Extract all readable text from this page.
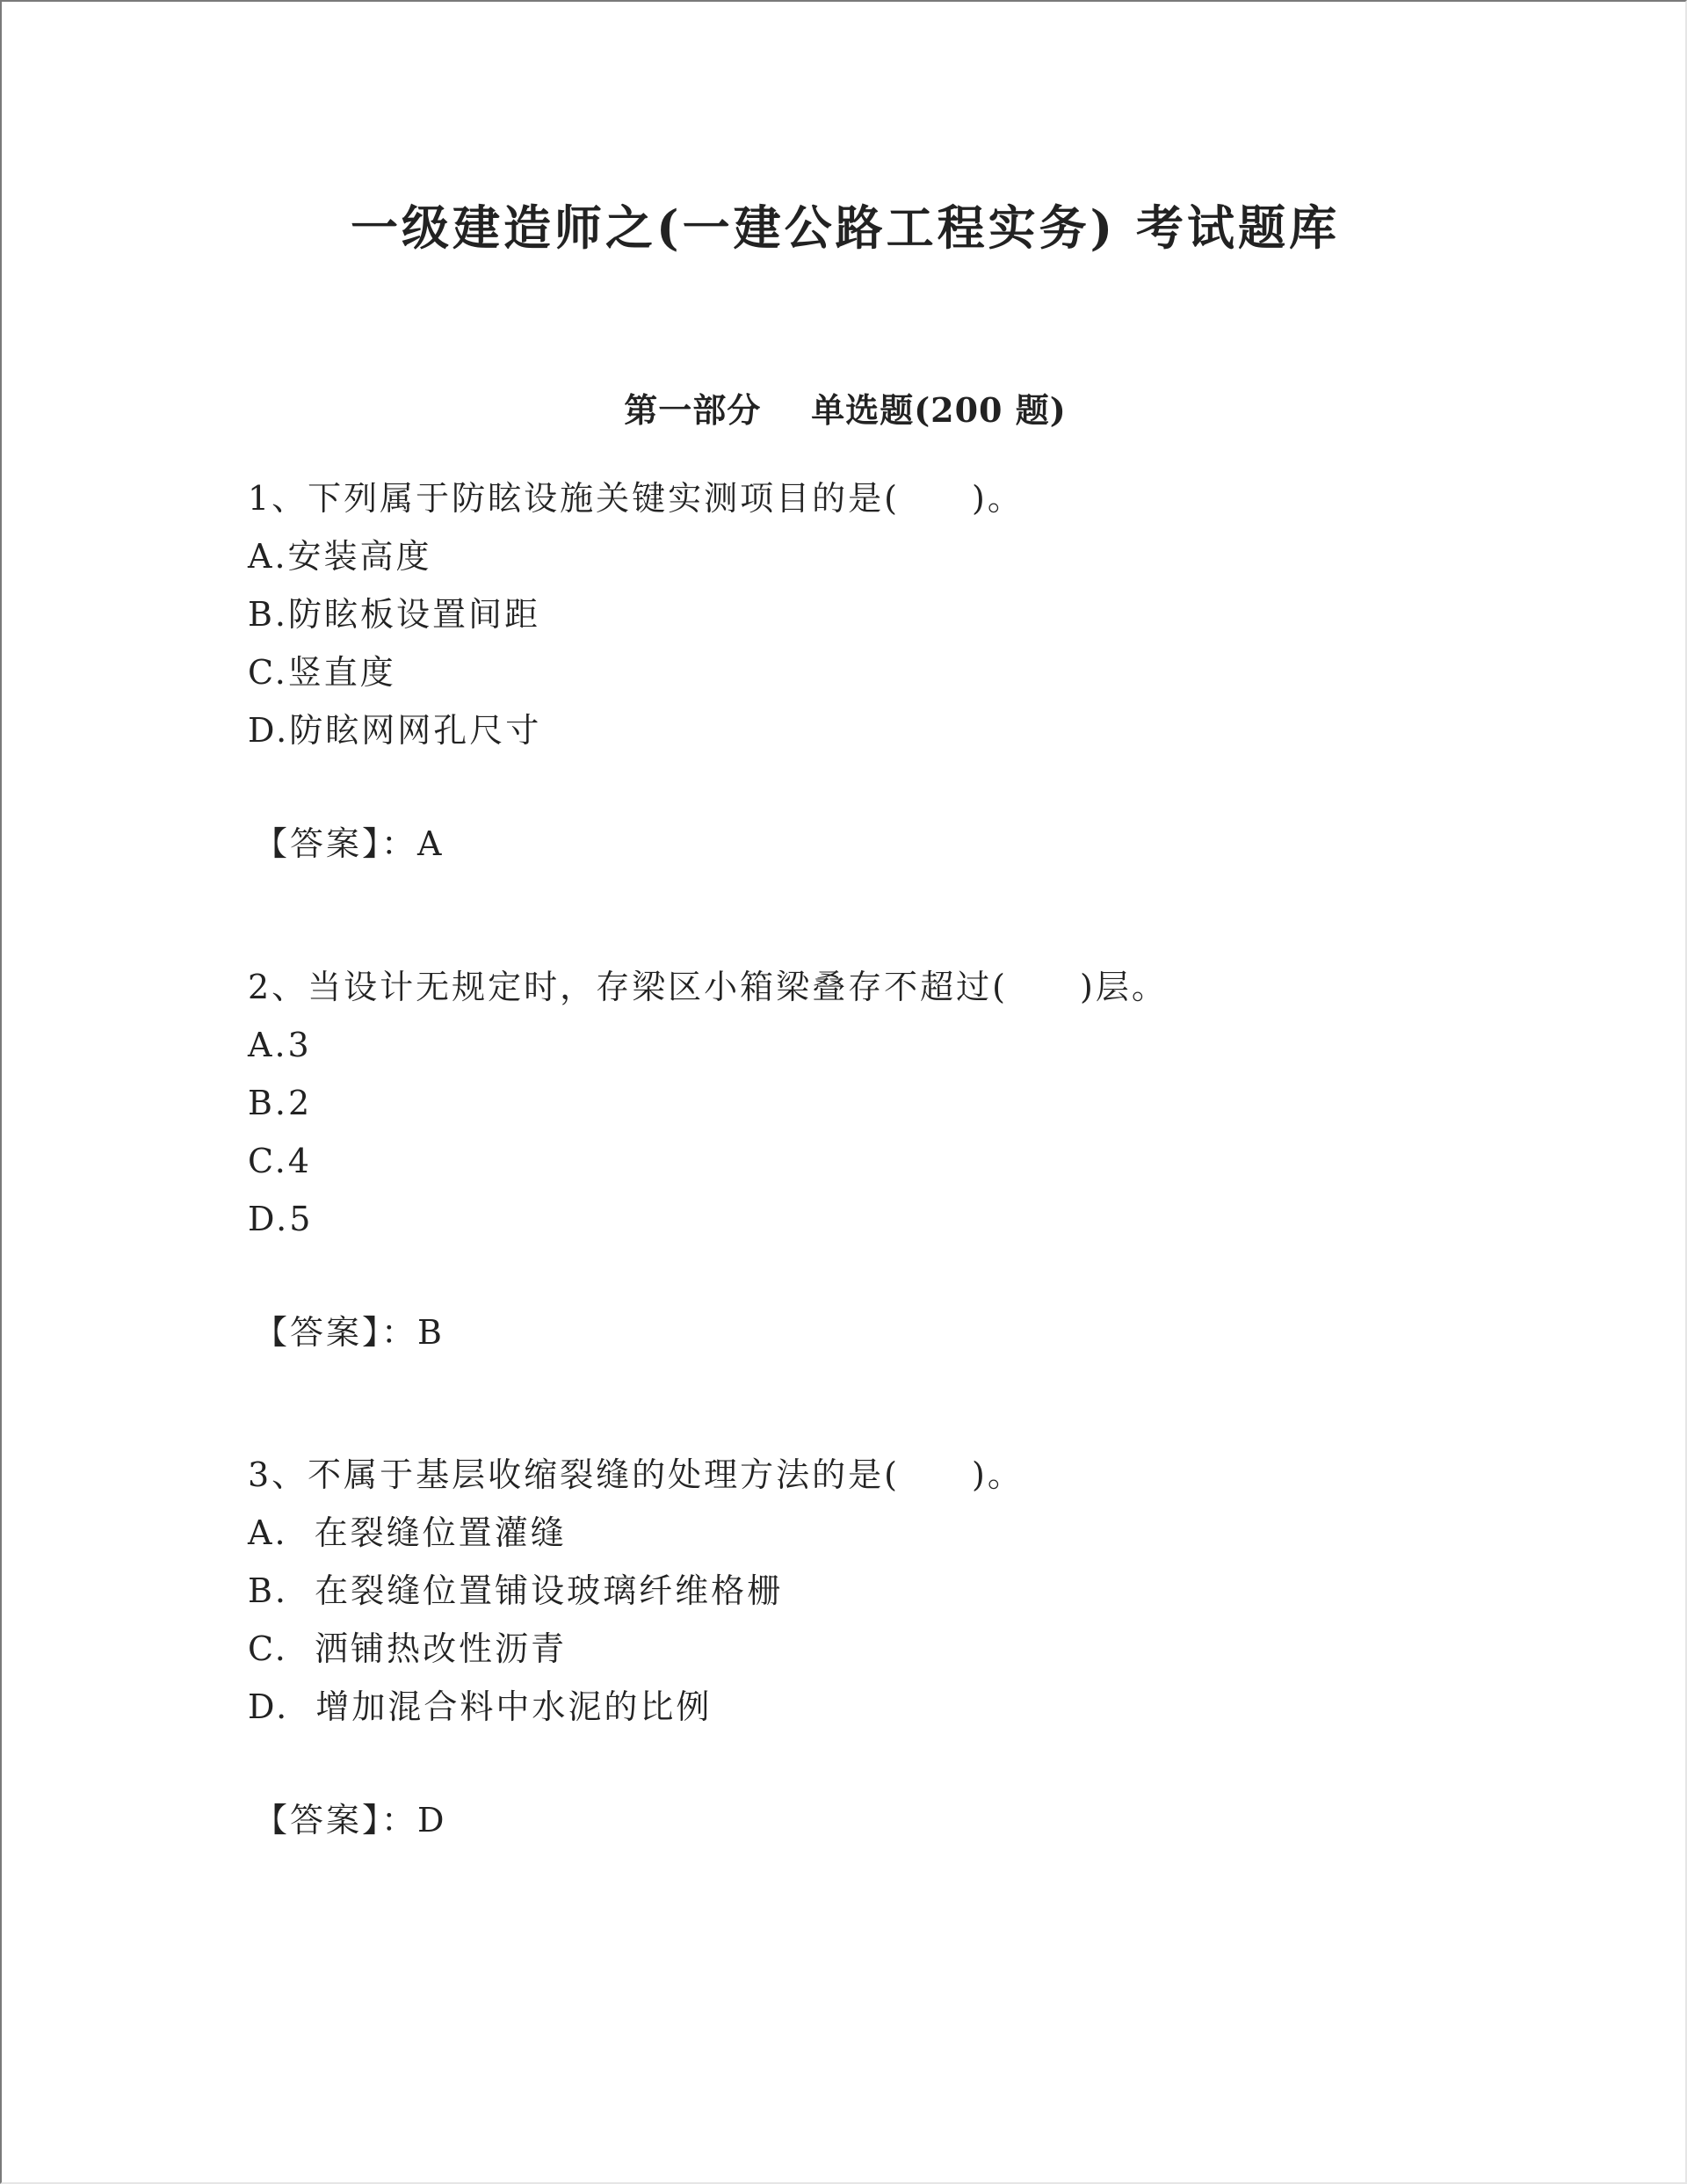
一级建造师之(一建公路工程实务) 考试题库
第一部分    单选题(200 题)
1、下列属于防眩设施关键实测项目的是(　　)。
A.安装高度
B.防眩板设置间距
C.竖直度
D.防眩网网孔尺寸
【答案】：A
2、当设计无规定时，存梁区小箱梁叠存不超过(　　)层。
A.3
B.2
C.4
D.5
【答案】：B
3、不属于基层收缩裂缝的处理方法的是(　　)。
A.  在裂缝位置灌缝
B.  在裂缝位置铺设玻璃纤维格栅
C.  洒铺热改性沥青
D.  增加混合料中水泥的比例
【答案】：D
